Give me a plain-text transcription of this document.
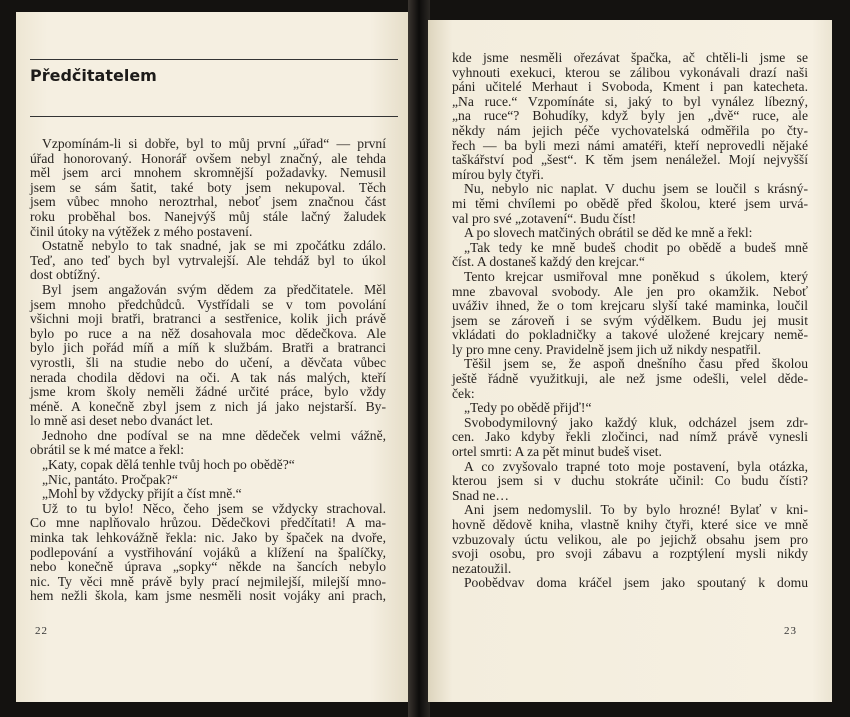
Předčitatelem
Vzpomínám-li si dobře, byl to můj první „úřad“ — první
úřad honorovaný. Honorář ovšem nebyl značný, ale tehda
měl jsem arci mnohem skromnější požadavky. Nemusil
jsem se sám šatit, také boty jsem nekupoval. Těch
jsem vůbec mnoho neroztrhal, neboť jsem značnou část
roku proběhal bos. Nanejvýš můj stále lačný žaludek
činil útoky na výtěžek z mého postavení.
Ostatně nebylo to tak snadné, jak se mi zpočátku zdálo.
Teď, ano teď bych byl vytrvalejší. Ale tehdáž byl to úkol
dost obtížný.
Byl jsem angažován svým dědem za předčitatele. Měl
jsem mnoho předchůdců. Vystřídali se v tom povolání
všichni moji bratři, bratranci a sestřenice, kolik jich právě
bylo po ruce a na něž dosahovala moc dědečkova. Ale
bylo jich pořád míň a míň k službám. Bratři a bratranci
vyrostli, šli na studie nebo do učení, a děvčata vůbec
nerada chodila dědovi na oči. A tak nás malých, kteří
jsme krom školy neměli žádné určité práce, bylo vždy
méně. A konečně zbyl jsem z nich já jako nejstarší. By-
lo mně asi deset nebo dvanáct let.
Jednoho dne podíval se na mne dědeček velmi vážně,
obrátil se k mé matce a řekl:
„Katy, copak dělá tenhle tvůj hoch po obědě?“
„Nic, pantáto. Pročpak?“
„Mohl by vždycky přijít a číst mně.“
Už to tu bylo! Něco, čeho jsem se vždycky strachoval.
Co mne naplňovalo hrůzou. Dědečkovi předčítati! A ma-
minka tak lehkovážně řekla: nic. Jako by špaček na dvoře,
podlepování a vystřihování vojáků a klížení na špalíčky,
nebo konečně úprava „sopky“ někde na šancích nebylo
nic. Ty věci mně právě byly prací nejmilejší, milejší mno-
hem nežli škola, kam jsme nesměli nosit vojáky ani prach,
22
kde jsme nesměli ořezávat špačka, ač chtěli-li jsme se
vyhnouti exekuci, kterou se zálibou vykonávali drazí naši
páni učitelé Merhaut i Svoboda, Kment i pan katecheta.
„Na ruce.“ Vzpomínáte si, jaký to byl vynález líbezný,
„na ruce“? Bohudíky, když byly jen „dvě“ ruce, ale
někdy nám jejich péče vychovatelská odměřila po čty-
řech — ba byli mezi námi amatéři, kteří neprovedli nějaké
taškářství pod „šest“. K těm jsem nenáležel. Mojí nejvyšší
mírou byly čtyři.
Nu, nebylo nic naplat. V duchu jsem se loučil s krásný-
mi těmi chvílemi po obědě před školou, které jsem urvá-
val pro své „zotavení“. Budu číst!
A po slovech matčiných obrátil se děd ke mně a řekl:
„Tak tedy ke mně budeš chodit po obědě a budeš mně
číst. A dostaneš každý den krejcar.“
Tento krejcar usmiřoval mne poněkud s úkolem, který
mne zbavoval svobody. Ale jen pro okamžik. Neboť
uváživ ihned, že o tom krejcaru slyší také maminka, loučil
jsem se zároveň i se svým výdělkem. Budu jej musit
vkládati do pokladničky a takové uložené krejcary nemě-
ly pro mne ceny. Pravidelně jsem jich už nikdy nespatřil.
Těšil jsem se, že aspoň dnešního času před školou
ještě řádně využitkuji, ale než jsme odešli, velel děde-
ček:
„Tedy po obědě přijď!“
Svobodymilovný jako každý kluk, odcházel jsem zdr-
cen. Jako kdyby řekli zločinci, nad nímž právě vynesli
ortel smrti: A za pět minut budeš viset.
A co zvyšovalo trapné toto moje postavení, byla otázka,
kterou jsem si v duchu stokráte učinil: Co budu čísti?
Snad ne…
Ani jsem nedomyslil. To by bylo hrozné! Bylať v kni-
hovně dědově kniha, vlastně knihy čtyři, které sice ve mně
vzbuzovaly úctu velikou, ale po jejichž obsahu jsem pro
svoji osobu, pro svoji zábavu a rozptýlení mysli nikdy
nezatoužil.
Poobědvav doma kráčel jsem jako spoutaný k domu
23
